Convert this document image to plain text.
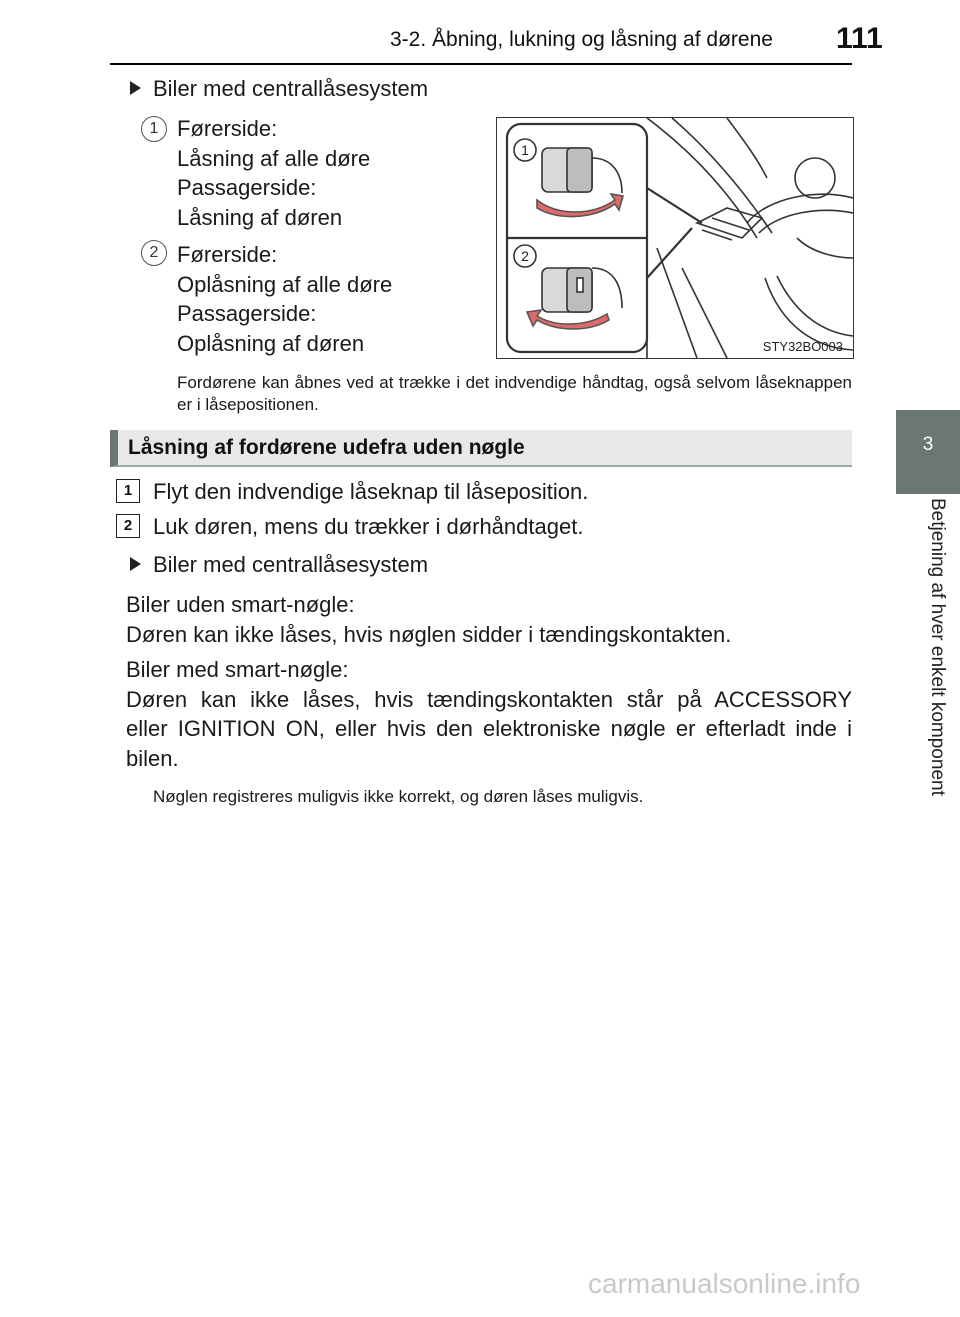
3-2. Åbning, lukning og låsning af dørene 111
3
Betjening af hver enkelt komponent
Biler med centrallåsesystem
1 Førerside:
Låsning af alle døre
Passagerside:
Låsning af døren
2 Førerside:
Oplåsning af alle døre
Passagerside:
Oplåsning af døren
1
2
STY32BO003
Fordørene kan åbnes ved at trække i det indvendige håndtag, også selvom låseknappen er i låsepositionen.
Låsning af fordørene udefra uden nøgle
1 Flyt den indvendige låseknap til låseposition.
2 Luk døren, mens du trækker i dørhåndtaget.
Biler med centrallåsesystem
Biler uden smart-nøgle:
Døren kan ikke låses, hvis nøglen sidder i tændingskontakten.
Biler med smart-nøgle:
Døren kan ikke låses, hvis tændingskontakten står på ACCESSORY
eller IGNITION ON, eller hvis den elektroniske nøgle er efterladt inde i
bilen.
Nøglen registreres muligvis ikke korrekt, og døren låses muligvis.
carmanualsonline.info
